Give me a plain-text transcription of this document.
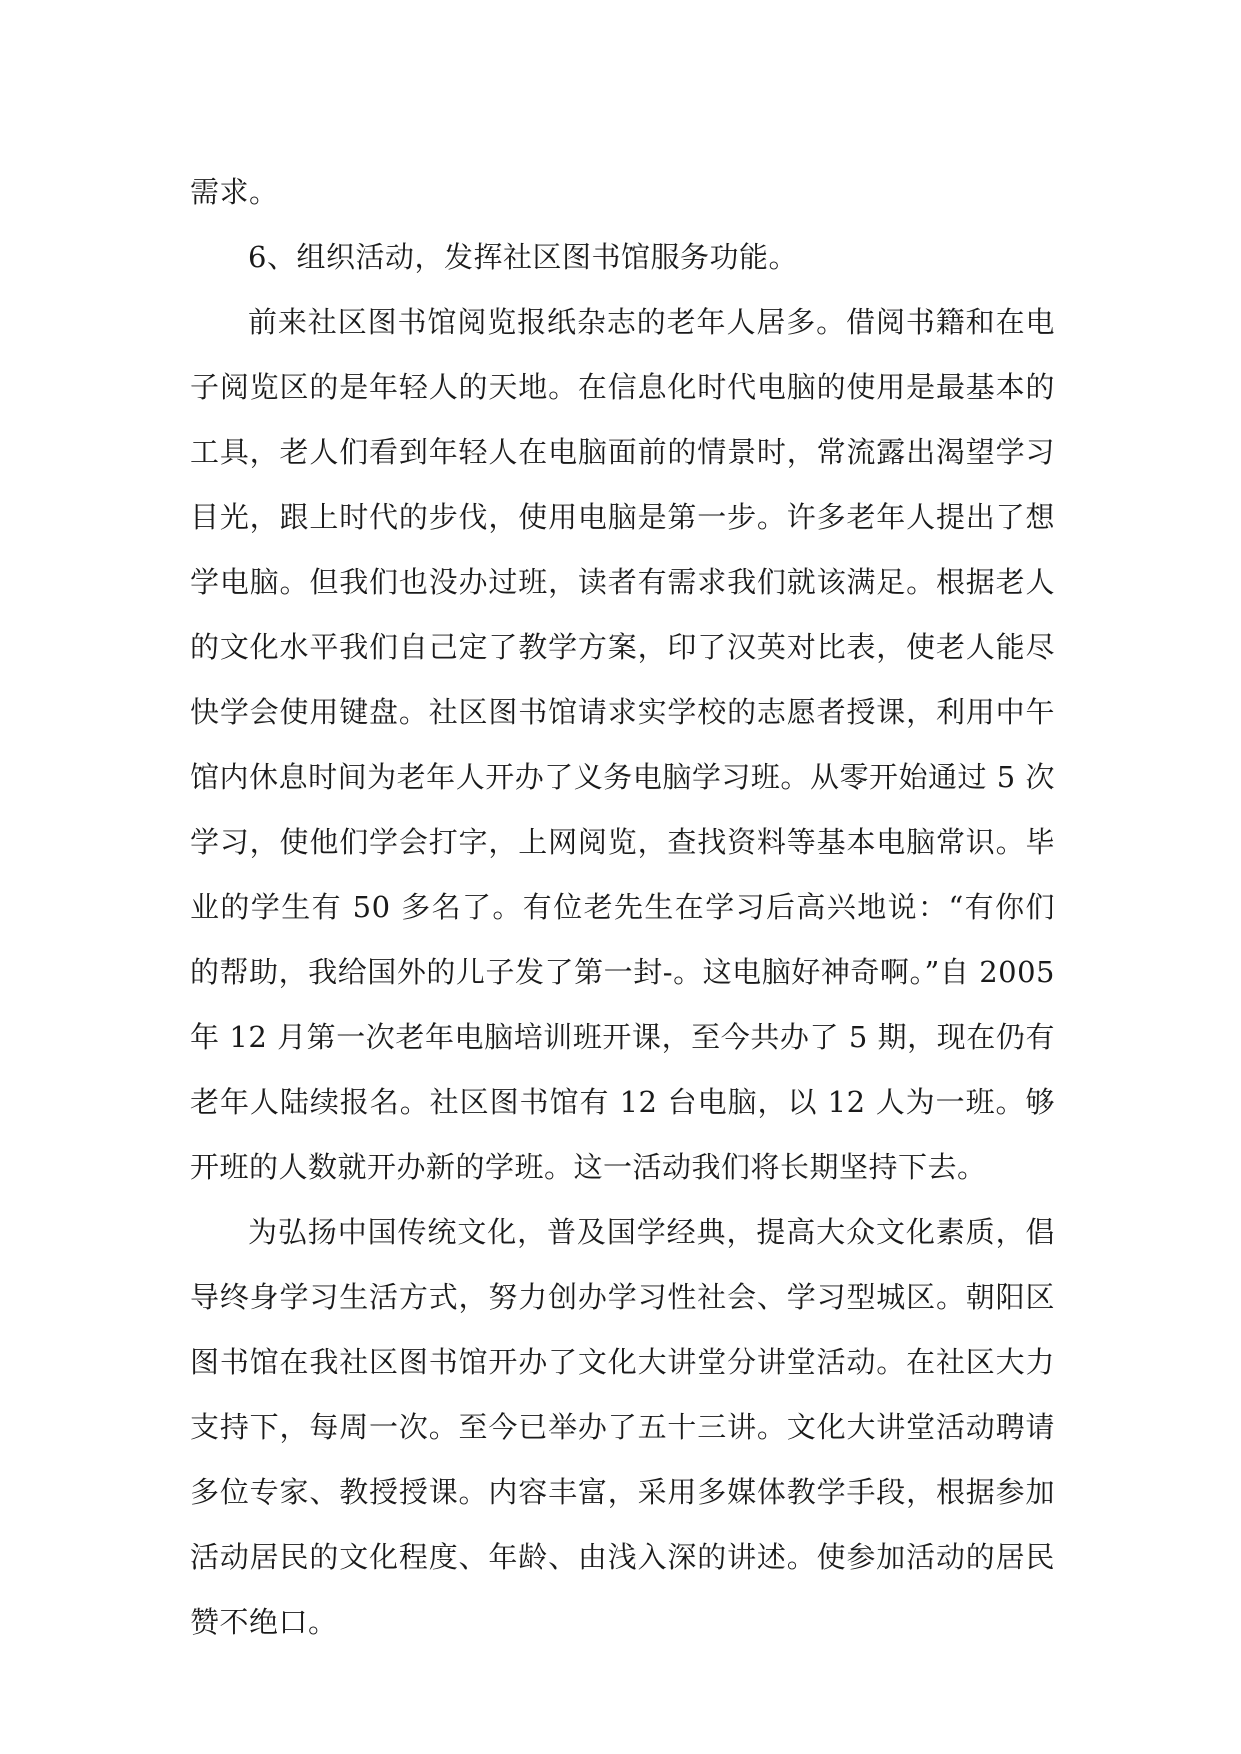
需求。

6、组织活动，发挥社区图书馆服务功能。

前来社区图书馆阅览报纸杂志的老年人居多。借阅书籍和在电子阅览区的是年轻人的天地。在信息化时代电脑的使用是最基本的工具，老人们看到年轻人在电脑面前的情景时，常流露出渴望学习目光，跟上时代的步伐，使用电脑是第一步。许多老年人提出了想学电脑。但我们也没办过班，读者有需求我们就该满足。根据老人的文化水平我们自己定了教学方案，印了汉英对比表，使老人能尽快学会使用键盘。社区图书馆请求实学校的志愿者授课，利用中午馆内休息时间为老年人开办了义务电脑学习班。从零开始通过 5 次学习，使他们学会打字，上网阅览，查找资料等基本电脑常识。毕业的学生有 50 多名了。有位老先生在学习后高兴地说：“有你们的帮助，我给国外的儿子发了第一封-。这电脑好神奇啊。”自 2005 年 12 月第一次老年电脑培训班开课，至今共办了 5 期，现在仍有老年人陆续报名。社区图书馆有 12 台电脑，以 12 人为一班。够开班的人数就开办新的学班。这一活动我们将长期坚持下去。

为弘扬中国传统文化，普及国学经典，提高大众文化素质，倡导终身学习生活方式，努力创办学习性社会、学习型城区。朝阳区图书馆在我社区图书馆开办了文化大讲堂分讲堂活动。在社区大力支持下，每周一次。至今已举办了五十三讲。文化大讲堂活动聘请多位专家、教授授课。内容丰富，采用多媒体教学手段，根据参加活动居民的文化程度、年龄、由浅入深的讲述。使参加活动的居民赞不绝口。
